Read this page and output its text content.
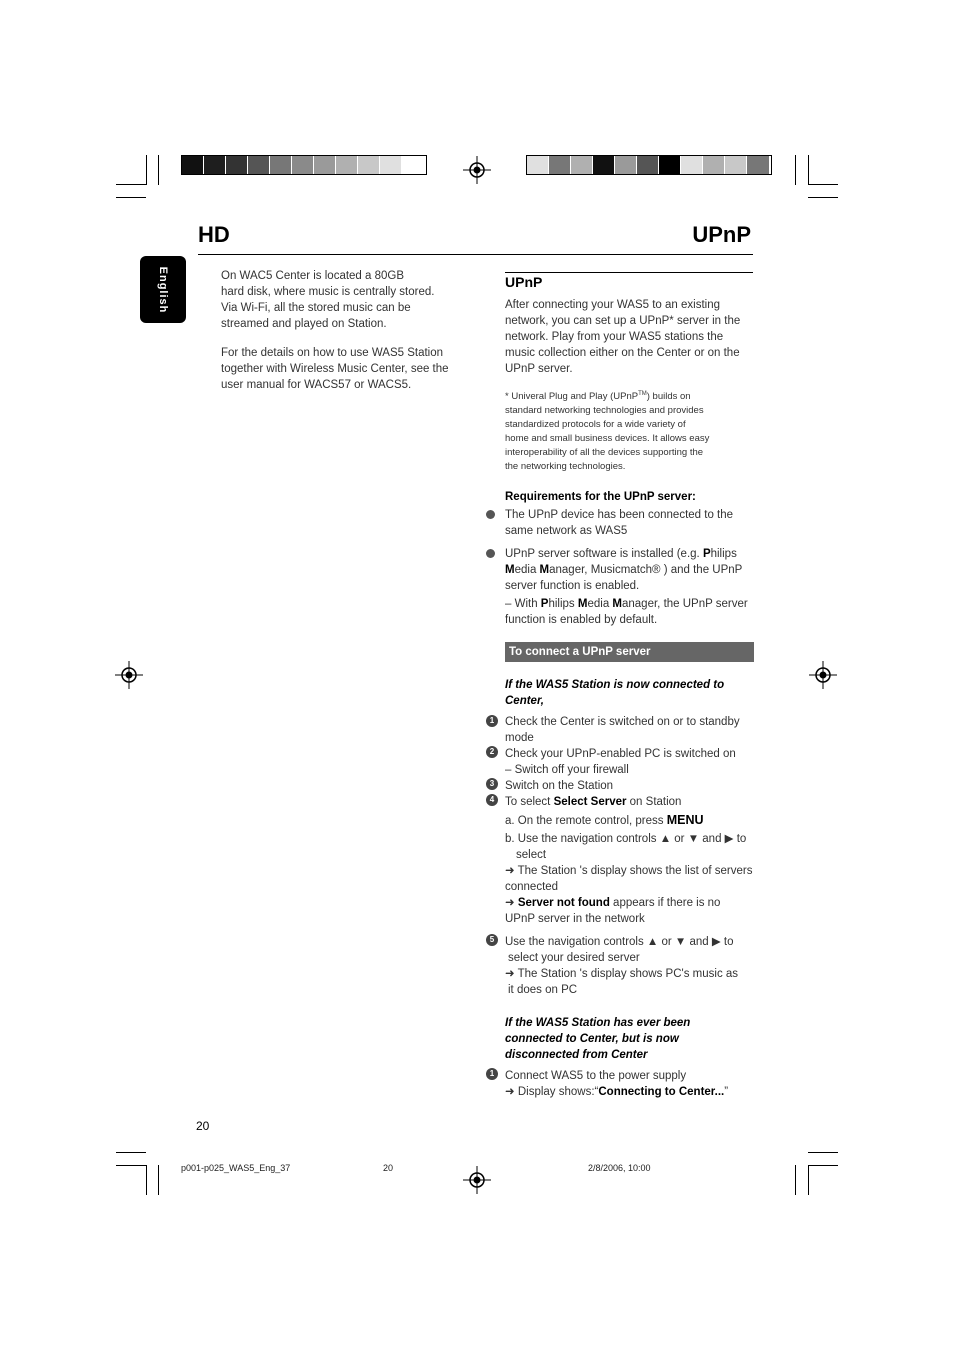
HD	UPnP
English	On WAC5 Center is located a 80GB
hard disk, where music is centrally stored.
Via Wi-Fi, all the stored music can be
streamed and played on Station.
For the details on how to use WAS5 Station
together with Wireless Music Center, see the
user manual for WACS57 or WACS5.
UPnP
After connecting your WAS5 to an existing
network, you can set up a UPnP* server in the
network. Play from your WAS5 stations the
music collection either on the Center or on the
UPnP server.
* Univeral Plug and Play (UPnP™) builds on
standard networking technologies and provides
standardized protocols for a wide variety of
home and small business devices. It allows easy
interoperability of all the devices supporting the
the networking technologies.
Requirements for the UPnP server:
The UPnP device has been connected to the
same network as WAS5
UPnP server software is installed (e.g. Philips
Media Manager, Musicmatch® ) and the UPnP
server function is enabled.
– With Philips Media Manager, the UPnP server
function is enabled by default.
To connect a UPnP server
If the WAS5 Station is now connected to
Center,
1 Check the Center is switched on or to standby
mode
2 Check your UPnP-enabled PC is switched on
– Switch off your firewall
3 Switch on the Station
4 To select Select Server on Station
a. On the remote control, press MENU
b. Use the navigation controls ▲ or ▼ and ▶ to
select
➜ The Station 's display shows the list of servers
connected
➜ Server not found appears if there is no
UPnP server in the network
5 Use the navigation controls ▲ or ▼ and ▶ to
select your desired server
➜ The Station 's display shows PC's music as
it does on PC
If the WAS5 Station has ever been
connected to Center, but is now
disconnected from Center
1 Connect WAS5 to the power supply
➜ Display shows:“Connecting to Center...”
20
p001-p025_WAS5_Eng_37	20	2/8/2006, 10:00
